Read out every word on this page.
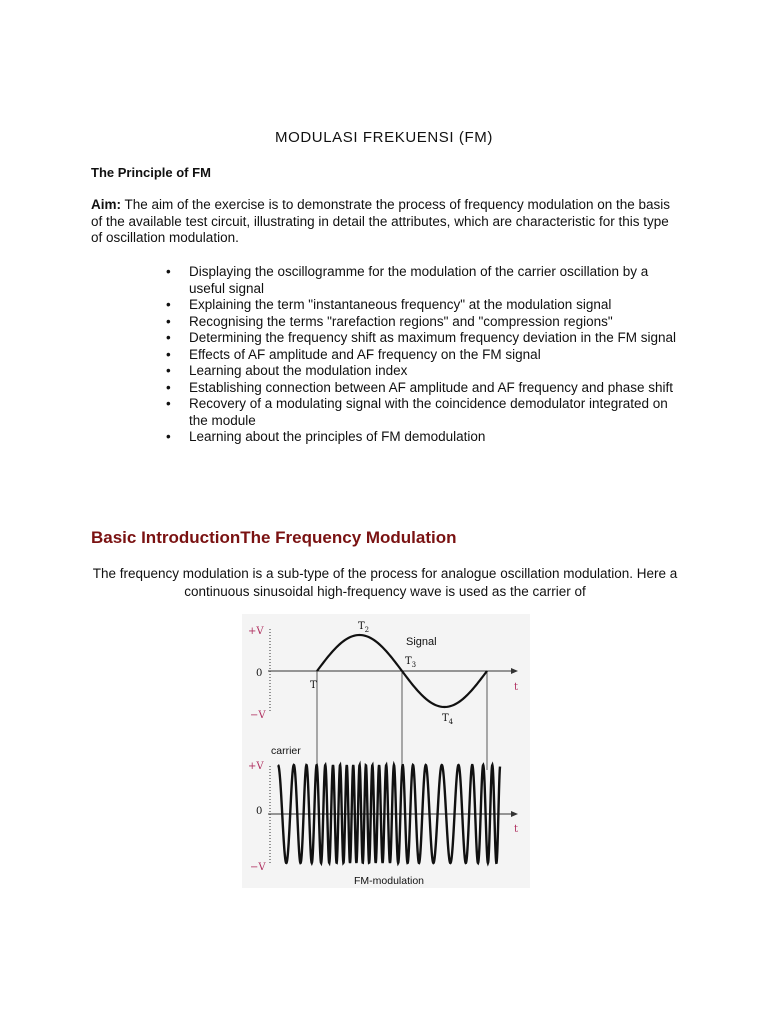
MODULASI FREKUENSI (FM)
The Principle of FM
Aim: The aim of the exercise is to demonstrate the process of frequency modulation on the basis of the available test circuit, illustrating in detail the attributes, which are characteristic for this type of oscillation modulation.
• Displaying the oscillogramme for the modulation of the carrier oscillation by a useful signal
• Explaining the term "instantaneous frequency" at the modulation signal
• Recognising the terms "rarefaction regions" and "compression regions"
• Determining the frequency shift as maximum frequency deviation in the FM signal
• Effects of AF amplitude and AF frequency on the FM signal
• Learning about the modulation index
• Establishing connection between AF amplitude and AF frequency and phase shift
• Recovery of a modulating signal with the coincidence demodulator integrated on the module
• Learning about the principles of FM demodulation
Basic IntroductionThe Frequency Modulation
The frequency modulation is a sub-type of the process for analogue oscillation modulation. Here a continuous sinusoidal high-frequency wave is used as the carrier of
+V
0
−V
t
+V
0
−V
t
T
$T_2$
$T_3$
$T_4$
Signal
carrier
FM-modulation
